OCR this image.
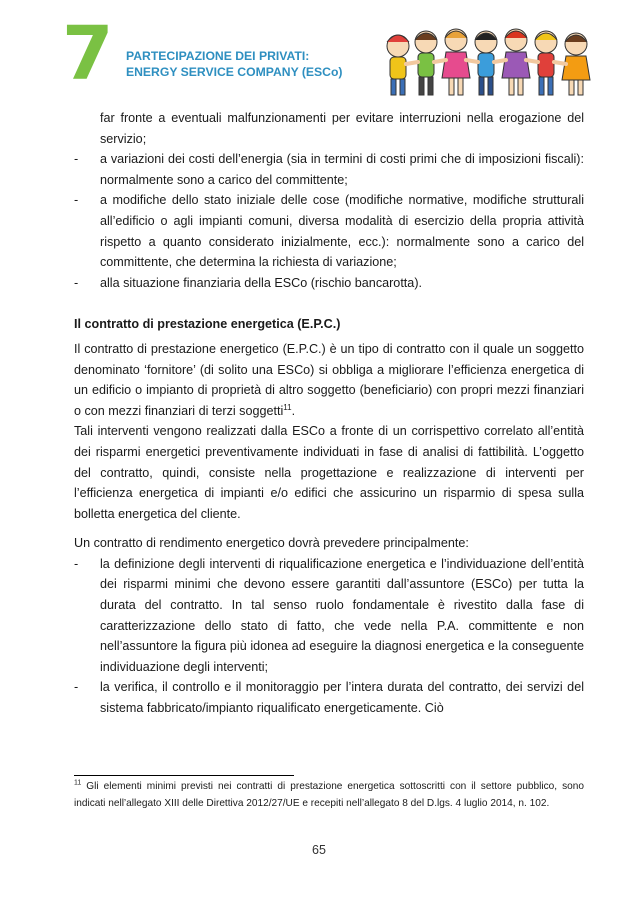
7 PARTECIPAZIONE DEI PRIVATI:
ENERGY SERVICE COMPANY (ESCo)

far fronte a eventuali malfunzionamenti per evitare interruzioni nella erogazione del servizio;

- a variazioni dei costi dell’energia (sia in termini di costi primi che di imposizioni fiscali): normalmente sono a carico del committente;
- a modifiche dello stato iniziale delle cose (modifiche normative, modifiche strutturali all’edificio o agli impianti comuni, diversa modalità di esercizio della propria attività rispetto a quanto considerato inizialmente, ecc.): normalmente sono a carico del committente, che determina la richiesta di variazione;
- alla situazione finanziaria della ESCo (rischio bancarotta).

Il contratto di prestazione energetica (E.P.C.)

Il contratto di prestazione energetico (E.P.C.) è un tipo di contratto con il quale un soggetto denominato ‘fornitore’ (di solito una ESCo) si obbliga a migliorare l’efficienza energetica di un edificio o impianto di proprietà di altro soggetto (beneficiario) con propri mezzi finanziari o con mezzi finanziari di terzi soggetti$^{11}$.

Tali interventi vengono realizzati dalla ESCo a fronte di un corrispettivo correlato all’entità dei risparmi energetici preventivamente individuati in fase di analisi di fattibilità. L’oggetto del contratto, quindi, consiste nella progettazione e realizzazione di interventi per l’efficienza energetica di impianti e/o edifici che assicurino un risparmio di spesa sulla bolletta energetica del cliente.

Un contratto di rendimento energetico dovrà prevedere principalmente:

- la definizione degli interventi di riqualificazione energetica e l’individuazione dell’entità dei risparmi minimi che devono essere garantiti dall’assuntore (ESCo) per tutta la durata del contratto. In tal senso ruolo fondamentale è rivestito dalla fase di caratterizzazione dello stato di fatto, che vede nella P.A. committente e non nell’assuntore la figura più idonea ad eseguire la diagnosi energetica e la conseguente individuazione degli interventi;
- la verifica, il controllo e il monitoraggio per l’intera durata del contratto, dei servizi del sistema fabbricato/impianto riqualificato energeticamente. Ciò
$^{11}$ Gli elementi minimi previsti nei contratti di prestazione energetica sottoscritti con il settore pubblico, sono indicati nell’allegato XIII delle Direttiva 2012/27/UE e recepiti nell’allegato 8 del D.lgs. 4 luglio 2014, n. 102.
65
